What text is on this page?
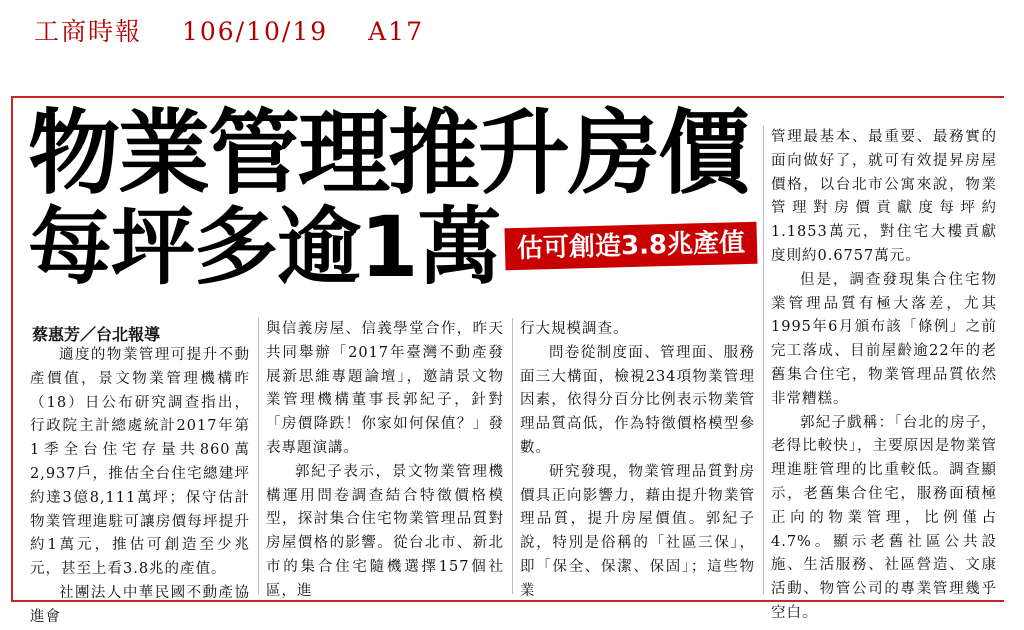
工商時報 106/10/19 A17
物業管理推升房價
每坪多逾1萬 估可創造3.8兆產值
蔡惠芳／台北報導

適度的物業管理可提升不動產價值，景文物業管理機構昨（18）日公布研究調查指出，行政院主計總處統計2017年第1季全台住宅存量共860萬2,937戶，推估全台住宅總建坪約達3億8,111萬坪；保守估計物業管理進駐可讓房價每坪提升約1萬元，推估可創造至少兆元，甚至上看3.8兆的產值。

社團法人中華民國不動產協進會

與信義房屋、信義學堂合作，昨天共同舉辦「2017年臺灣不動產發展新思維專題論壇」，邀請景文物業管理機構董事長郭紀子，針對「房價降跌！你家如何保值？」發表專題演講。

郭紀子表示，景文物業管理機構運用問卷調查結合特徵價格模型，探討集合住宅物業管理品質對房屋價格的影響。從台北市、新北市的集合住宅隨機選擇157個社區，進

行大規模調查。

問卷從制度面、管理面、服務面三大構面，檢視234項物業管理因素，依得分百分比例表示物業管理品質高低，作為特徵價格模型參數。

研究發現，物業管理品質對房價具正向影響力，藉由提升物業管理品質，提升房屋價值。郭紀子說，特別是俗稱的「社區三保」，即「保全、保潔、保固」；這些物業

管理最基本、最重要、最務實的面向做好了，就可有效提昇房屋價格，以台北市公寓來說，物業管理對房價貢獻度每坪約1.1853萬元，對住宅大樓貢獻度則約0.6757萬元。

但是，調查發現集合住宅物業管理品質有極大落差，尤其1995年6月頒布該「條例」之前完工落成、目前屋齡逾22年的老舊集合住宅，物業管理品質依然非常糟糕。

郭紀子戲稱：「台北的房子，老得比較快」，主要原因是物業管理進駐管理的比重較低。調查顯示，老舊集合住宅，服務面積極正向的物業管理，比例僅占4.7%。顯示老舊社區公共設施、生活服務、社區營造、文康活動、物管公司的專業管理幾乎空白。
